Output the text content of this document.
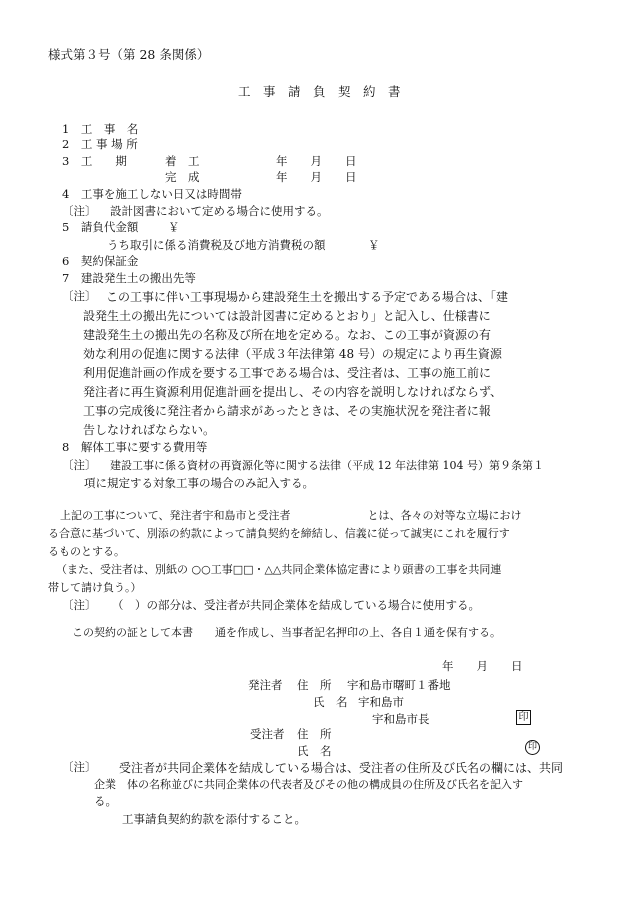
様式第３号（第 28 条関係）
工　事　請　負　契　約　書
1　工　事　名
2　工 事 場 所
3　工　　期	着　工	年　　月　　日
完　成	年　　月　　日
4　工事を施工しない日又は時間帯
〔注〕 設計図書において定める場合に使用する。
5　請負代金額	￥
うち取引に係る消費税及び地方消費税の額	￥
6　契約保証金
7　建設発生土の搬出先等
〔注〕 この工事に伴い工事現場から建設発生土を搬出する予定である場合は、「建
設発生土の搬出先については設計図書に定めるとおり」と記入し、仕様書に
建設発生土の搬出先の名称及び所在地を定める。なお、この工事が資源の有
効な利用の促進に関する法律（平成３年法律第 48 号）の規定により再生資源
利用促進計画の作成を要する工事である場合は、受注者は、工事の施工前に
発注者に再生資源利用促進計画を提出し、その内容を説明しなければならず、
工事の完成後に発注者から請求があったときは、その実施状況を発注者に報
告しなければならない。
8　解体工事に要する費用等
〔注〕 建設工事に係る資材の再資源化等に関する法律（平成 12 年法律第 104 号）第９条第１
項に規定する対象工事の場合のみ記入する。
上記の工事について、発注者宇和島市と受注者　　　　　　　とは、各々の対等な立場におけ
る合意に基づいて、別添の約款によって請負契約を締結し、信義に従って誠実にこれを履行す
るものとする。
（また、受注者は、別紙の ○○工事□□・△△共同企業体協定書により頭書の工事を共同連
帯して請け負う。）
〔注〕 （　）の部分は、受注者が共同企業体を結成している場合に使用する。
この契約の証として本書　　通を作成し、当事者記名押印の上、各自１通を保有する。
年　　月　　日
発注者 住　所 宇和島市曙町１番地
氏　名 宇和島市
宇和島市長	印
受注者 住　所
氏　名	印
〔注〕 受注者が共同企業体を結成している場合は、受注者の住所及び氏名の欄には、共同
企業　体の名称並びに共同企業体の代表者及びその他の構成員の住所及び氏名を記入す
る。
工事請負契約約款を添付すること。
